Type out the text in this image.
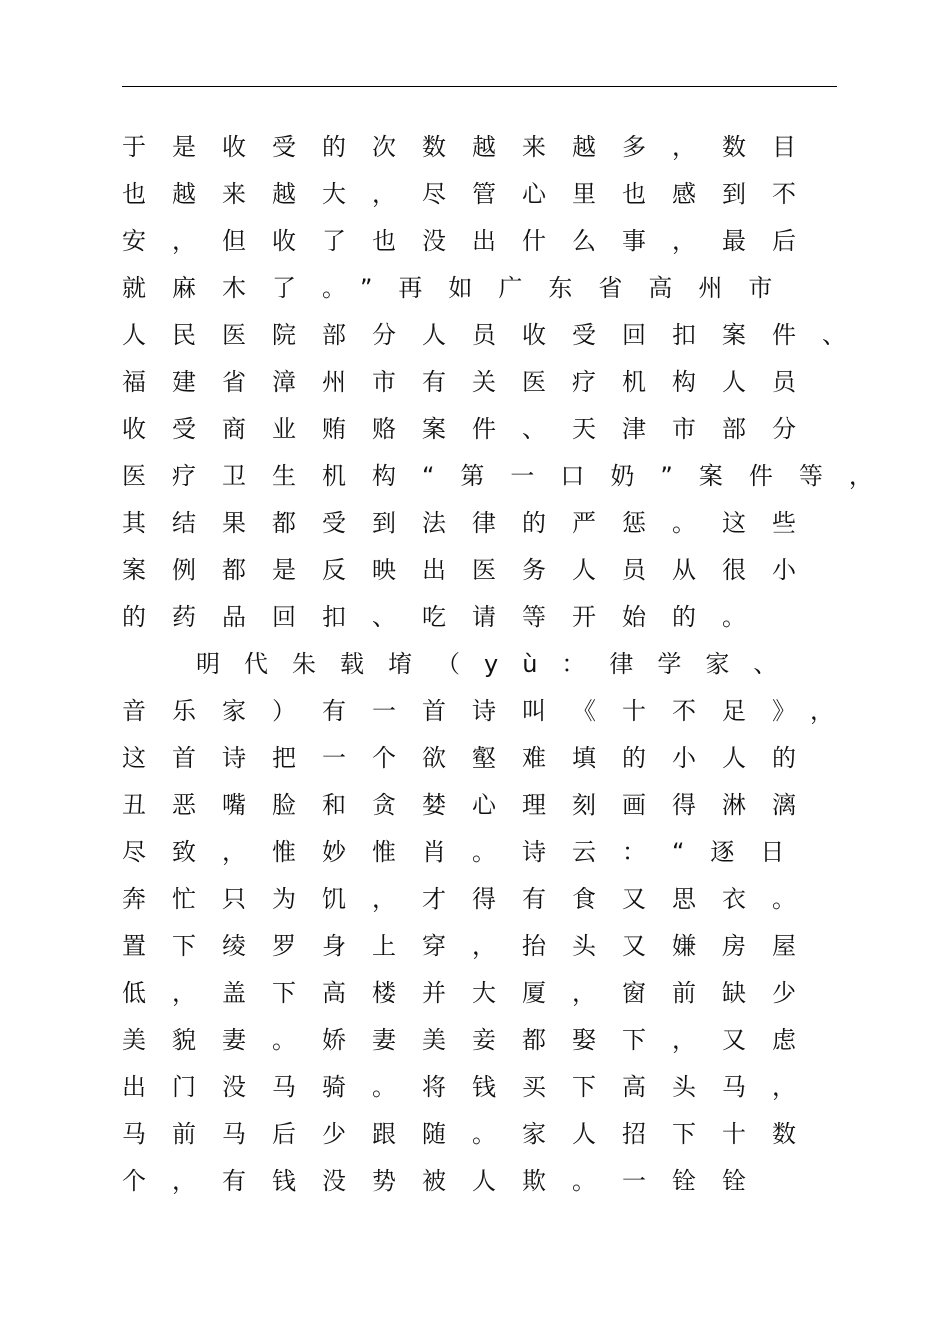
于是收受的次数越来越多，数目
也越来越大，尽管心里也感到不
安，但收了也没出什么事，最后
就麻木了。”再如广东省高州市
人民医院部分人员收受回扣案件、
福建省漳州市有关医疗机构人员
收受商业贿赂案件、天津市部分
医疗卫生机构“第一口奶”案件等，
其结果都受到法律的严惩。这些
案例都是反映出医务人员从很小
的药品回扣、吃请等开始的。
明代朱载堉（yù：律学家、
音乐家）有一首诗叫《十不足》，
这首诗把一个欲壑难填的小人的
丑恶嘴脸和贪婪心理刻画得淋漓
尽致，惟妙惟肖。诗云：“逐日
奔忙只为饥，才得有食又思衣。
置下绫罗身上穿，抬头又嫌房屋
低，盖下高楼并大厦，窗前缺少
美貌妻。娇妻美妾都娶下，又虑
出门没马骑。将钱买下高头马，
马前马后少跟随。家人招下十数
个，有钱没势被人欺。一铨铨
